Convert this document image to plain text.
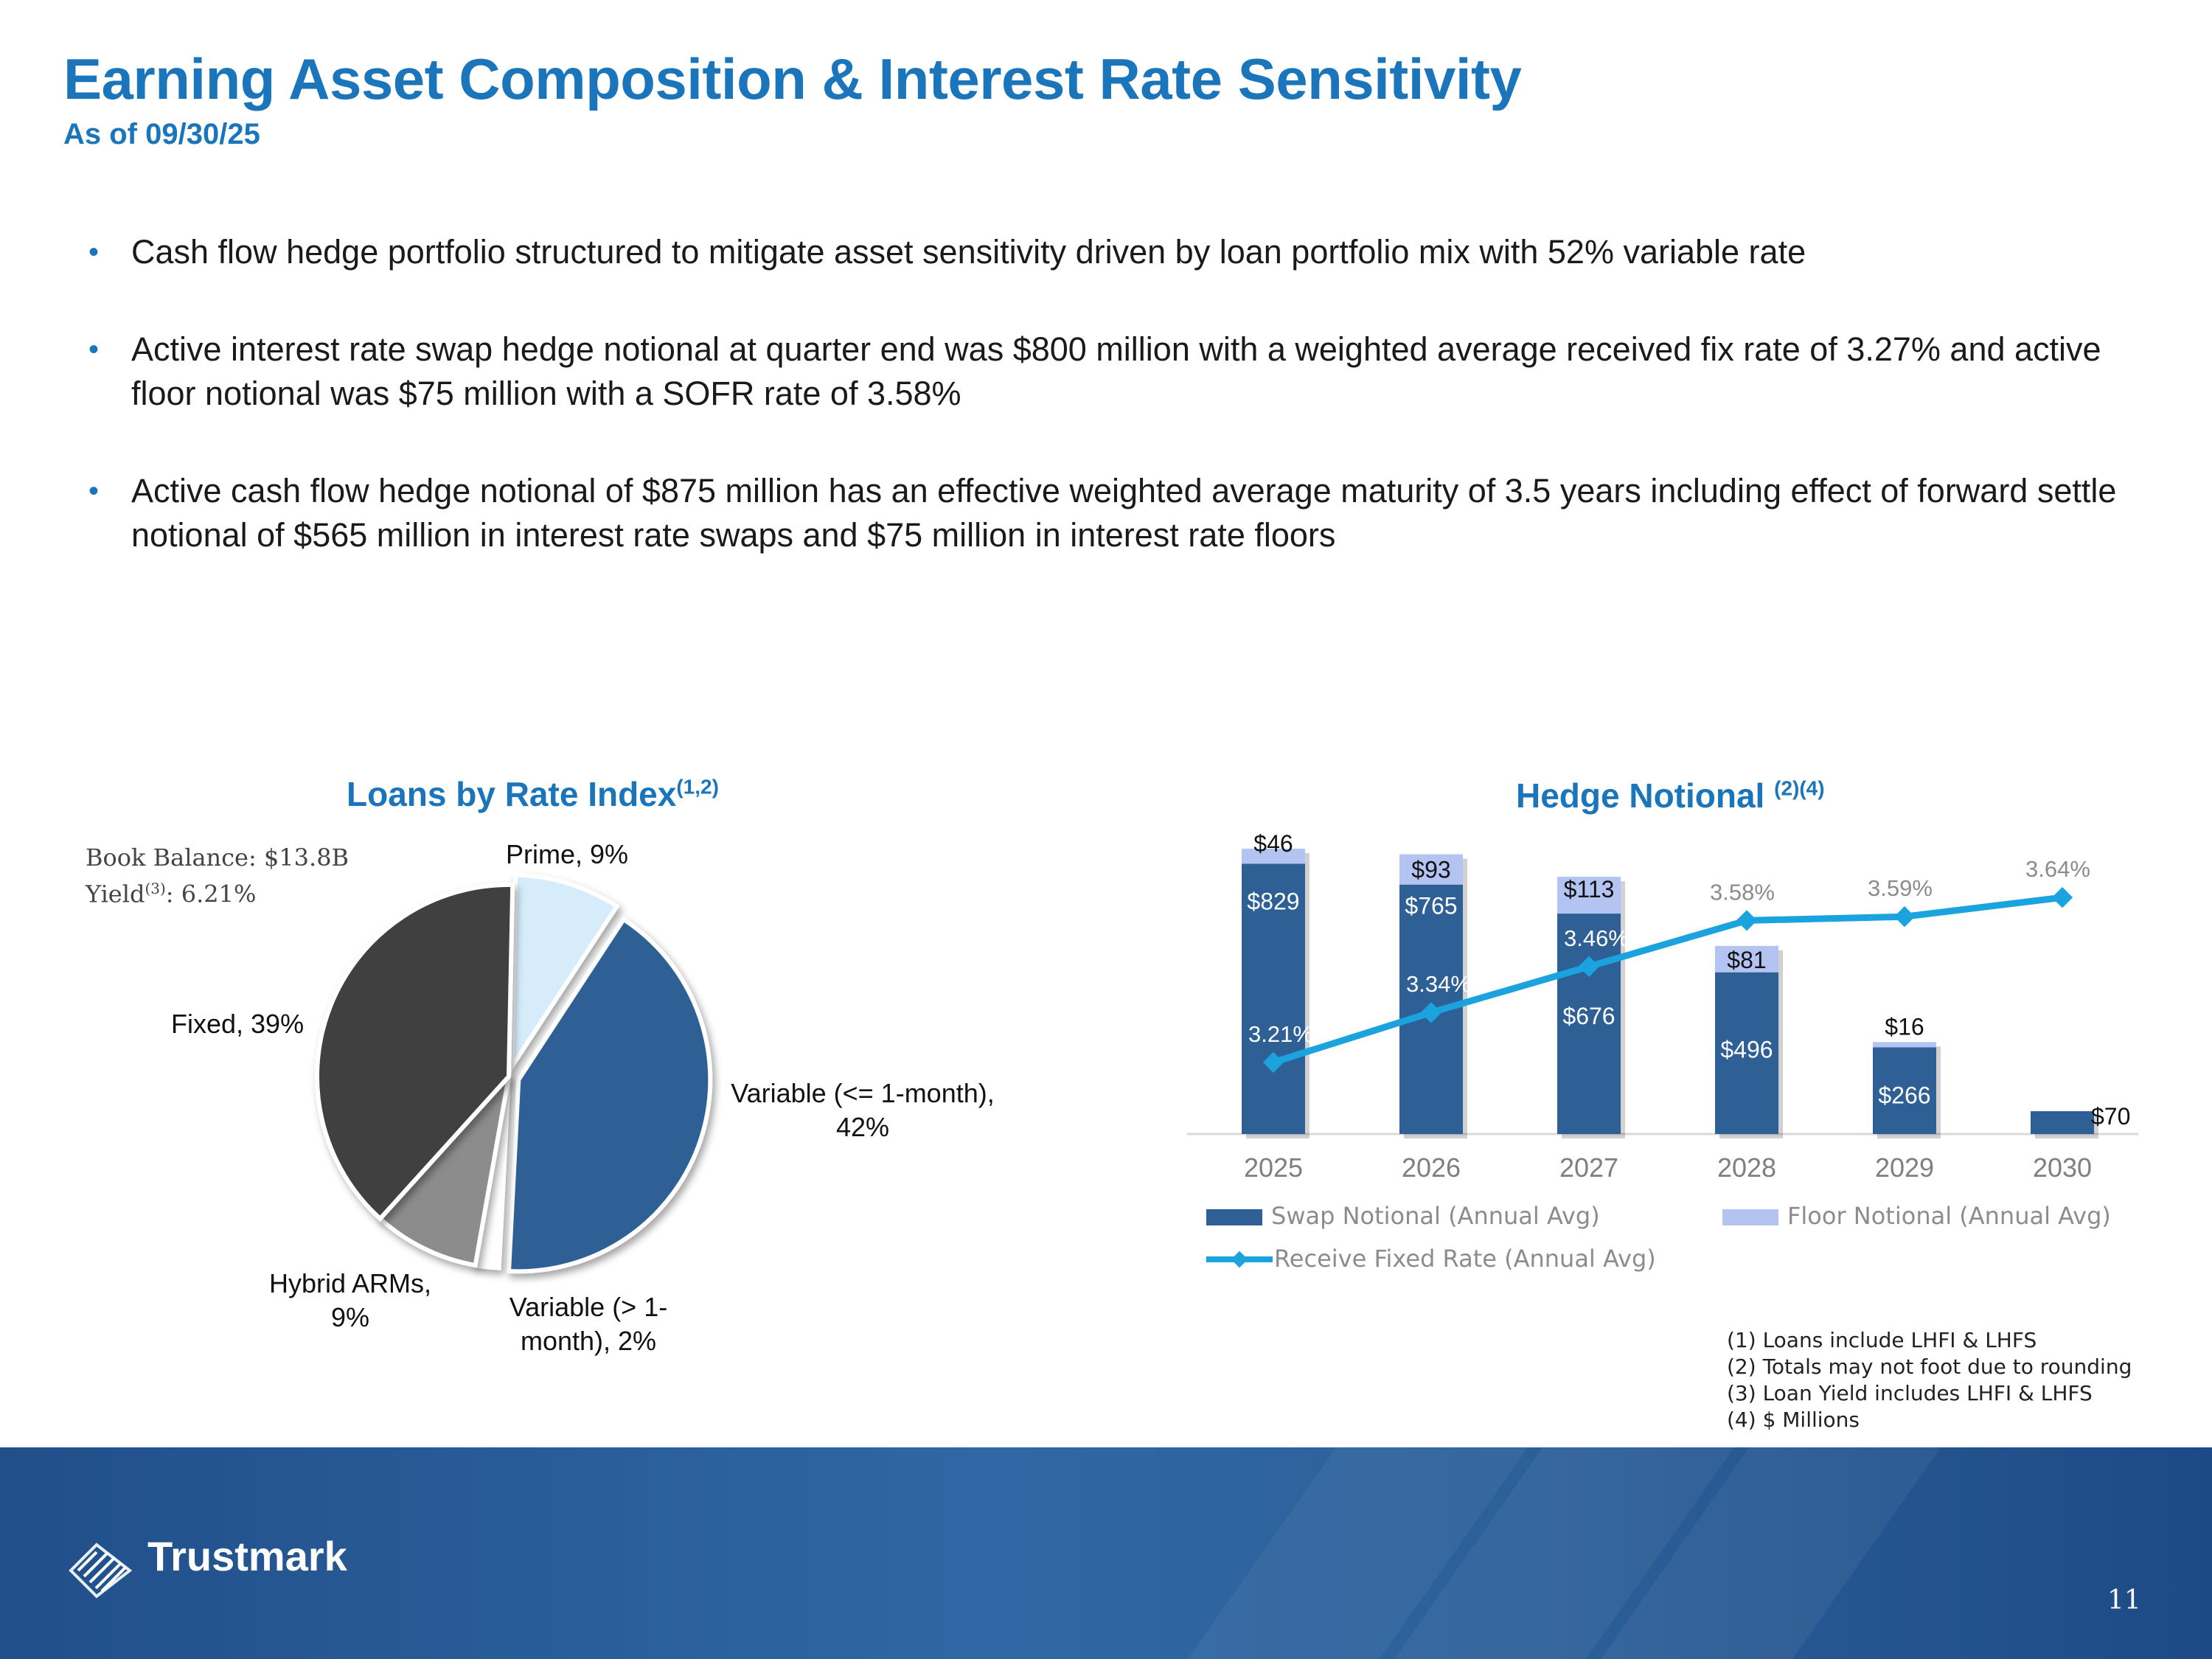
Earning Asset Composition & Interest Rate Sensitivity
As of 09/30/25
• Cash flow hedge portfolio structured to mitigate asset sensitivity driven by loan portfolio mix with 52% variable rate
• Active interest rate swap hedge notional at quarter end was $800 million with a weighted average received fix rate of 3.27% and active floor notional was $75 million with a SOFR rate of 3.58%
• Active cash flow hedge notional of $875 million has an effective weighted average maturity of 3.5 years including effect of forward settle notional of $565 million in interest rate swaps and $75 million in interest rate floors
Loans by Rate Index$^{(1,2)}$
Book Balance: $13.8B
Yield$^{(3)}$: 6.21%
Prime, 9%
Fixed, 39%
Variable (<= 1-month),
42%
Hybrid ARMs,
9%	Variable (> 1-
month), 2%
Hedge Notional $^{(2)(4)}$
2025
$829
$46
2026
$765
$93
2027
$676
$113
2028
$496
$81
2029
$266
$16
2030
$70
3.21%
3.34%
3.46%
3.58%	3.59%
3.64%
Swap Notional (Annual Avg)	Floor Notional (Annual Avg)
Receive Fixed Rate (Annual Avg)
(1) Loans include LHFI & LHFS
(2) Totals may not foot due to rounding
(3) Loan Yield includes LHFI & LHFS
(4) $ Millions
Trustmark
11
